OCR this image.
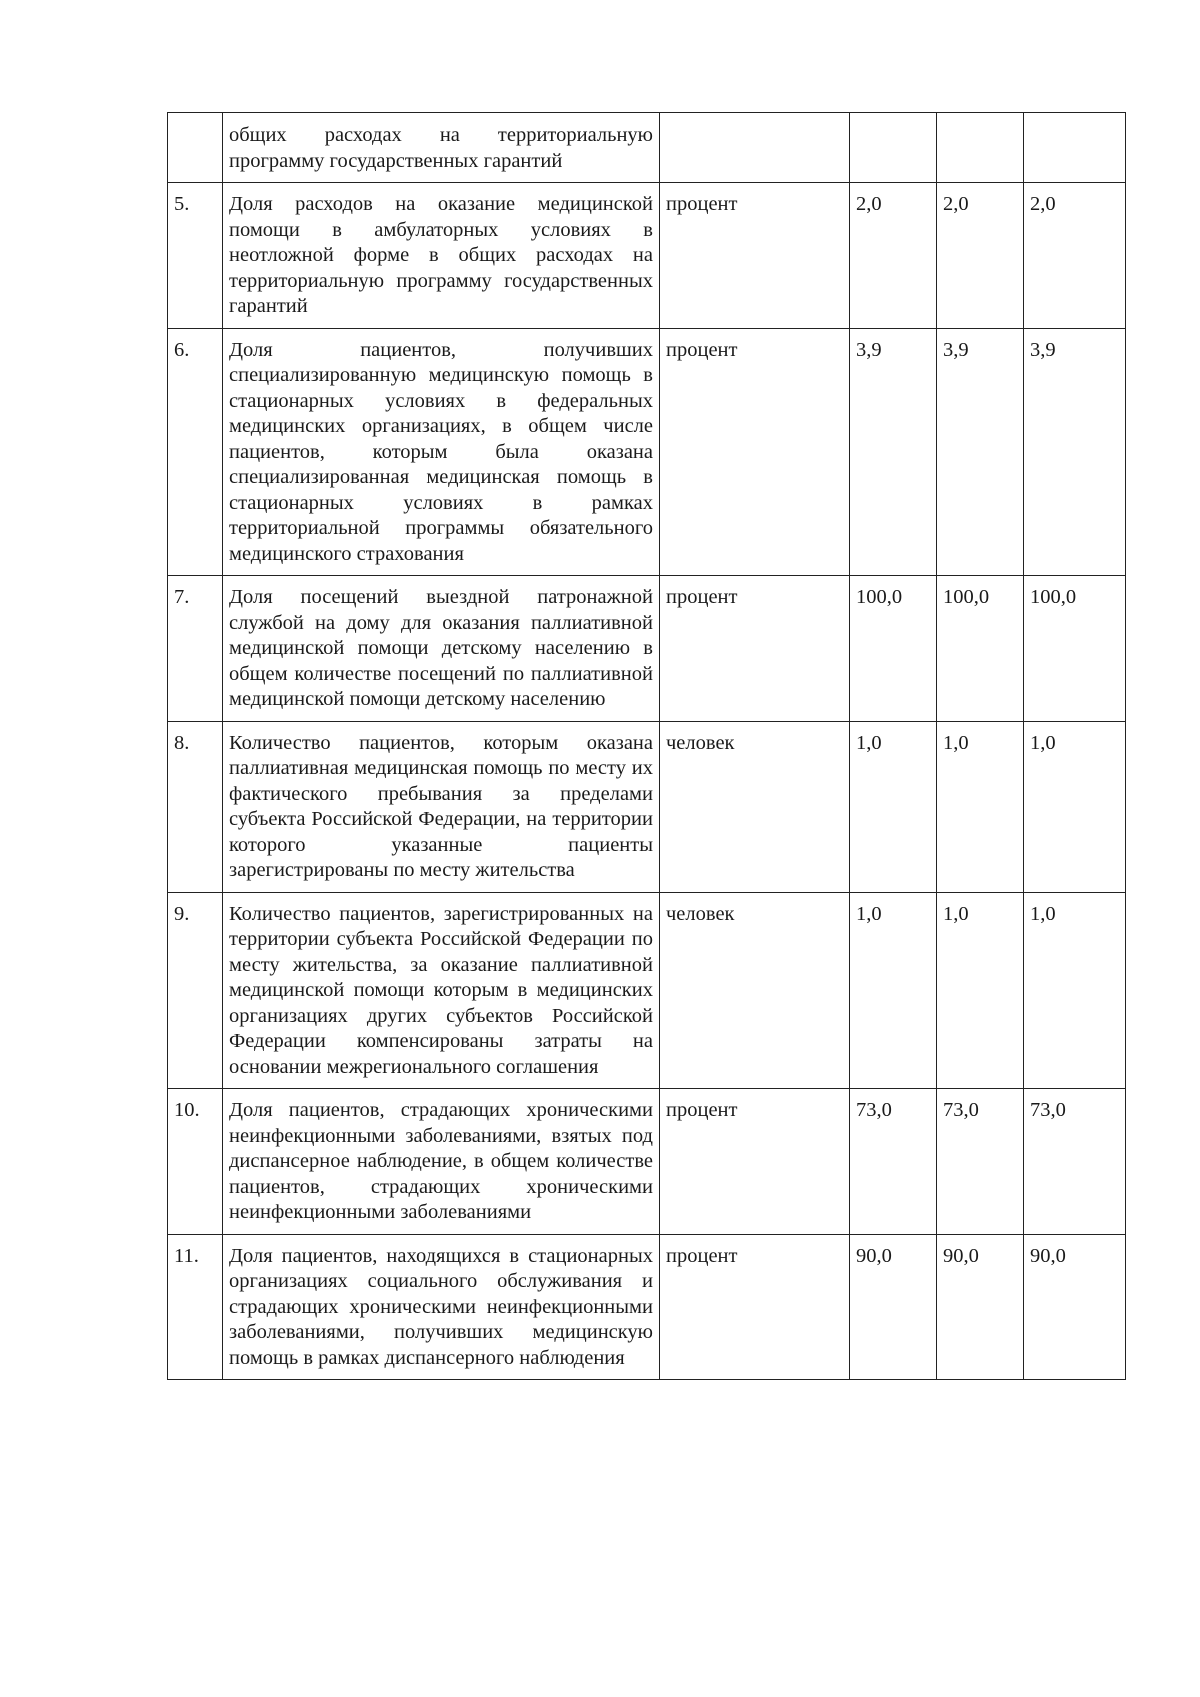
	общих расходах на территориальную программу государственных гарантий				
5.	Доля расходов на оказание медицинской помощи в амбулаторных условиях в неотложной форме в общих расходах на территориальную программу государственных гарантий	процент	2,0	2,0	2,0
6.	Доля пациентов, получивших специализированную медицинскую помощь в стационарных условиях в федеральных медицинских организациях, в общем числе пациентов, которым была оказана специализированная медицинская помощь в стационарных условиях в рамках территориальной программы обязательного медицинского страхования	процент	3,9	3,9	3,9
7.	Доля посещений выездной патронажной службой на дому для оказания паллиативной медицинской помощи детскому населению в общем количестве посещений по паллиативной медицинской помощи детскому населению	процент	100,0	100,0	100,0
8.	Количество пациентов, которым оказана паллиативная медицинская помощь по месту их фактического пребывания за пределами субъекта Российской Федерации, на территории которого указанные пациенты зарегистрированы по месту жительства	человек	1,0	1,0	1,0
9.	Количество пациентов, зарегистрированных на территории субъекта Российской Федерации по месту жительства, за оказание паллиативной медицинской помощи которым в медицинских организациях других субъектов Российской Федерации компенсированы затраты на основании межрегионального соглашения	человек	1,0	1,0	1,0
10.	Доля пациентов, страдающих хроническими неинфекционными заболеваниями, взятых под диспансерное наблюдение, в общем количестве пациентов, страдающих хроническими неинфекционными заболеваниями	процент	73,0	73,0	73,0
11.	Доля пациентов, находящихся в стационарных организациях социального обслуживания и страдающих хроническими неинфекционными заболеваниями, получивших медицинскую помощь в рамках диспансерного наблюдения	процент	90,0	90,0	90,0
